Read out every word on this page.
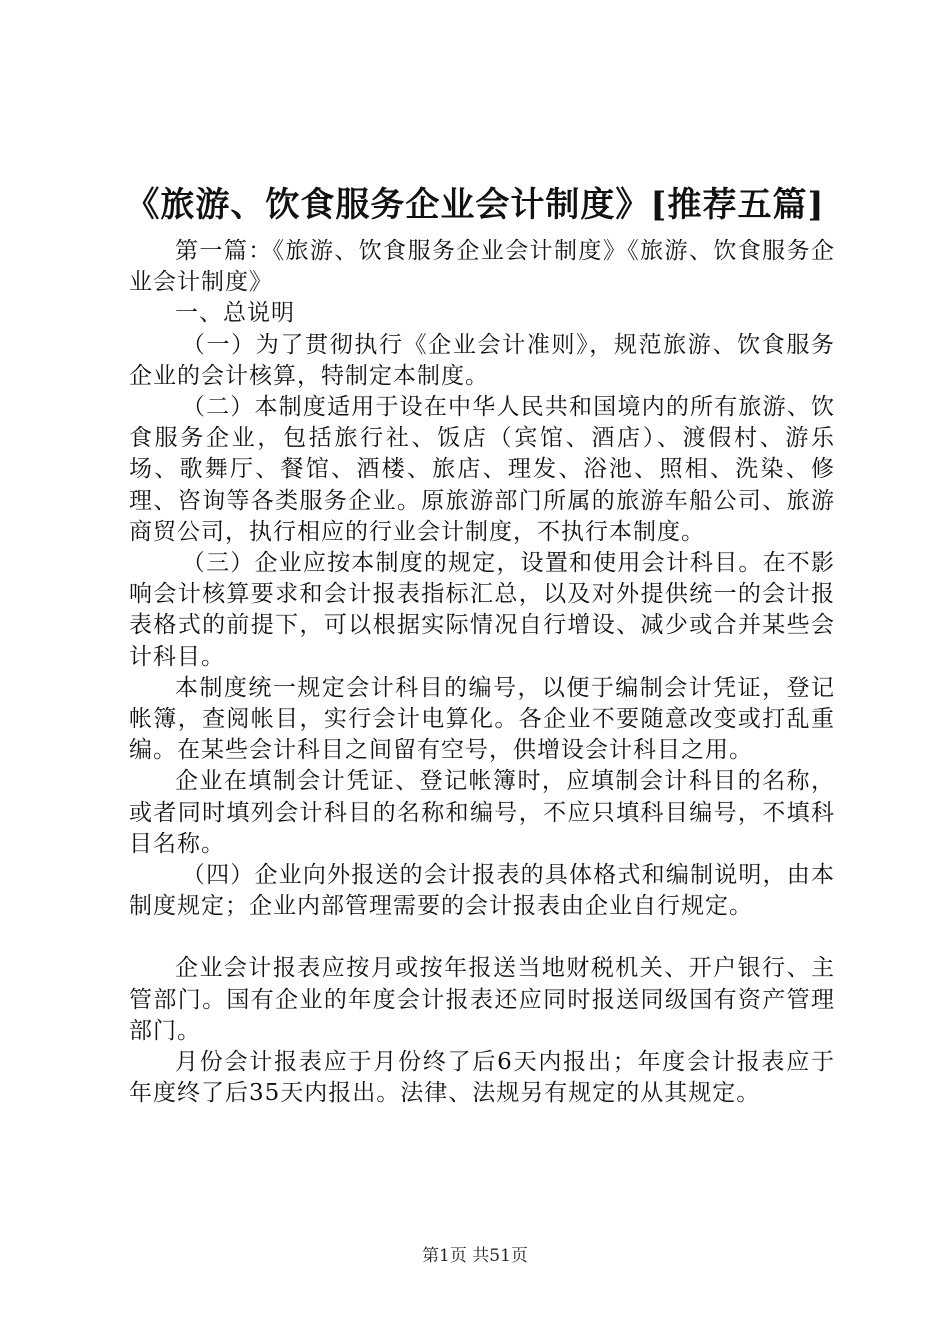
《旅游、饮食服务企业会计制度》[推荐五篇]

第一篇：《旅游、饮食服务企业会计制度》《旅游、饮食服务企业会计制度》

一、总说明

（一）为了贯彻执行《企业会计准则》，规范旅游、饮食服务企业的会计核算，特制定本制度。

（二）本制度适用于设在中华人民共和国境内的所有旅游、饮食服务企业，包括旅行社、饭店（宾馆、酒店）、渡假村、游乐场、歌舞厅、餐馆、酒楼、旅店、理发、浴池、照相、洗染、修理、咨询等各类服务企业。原旅游部门所属的旅游车船公司、旅游商贸公司，执行相应的行业会计制度，不执行本制度。

（三）企业应按本制度的规定，设置和使用会计科目。在不影响会计核算要求和会计报表指标汇总，以及对外提供统一的会计报表格式的前提下，可以根据实际情况自行增设、减少或合并某些会计科目。

本制度统一规定会计科目的编号，以便于编制会计凭证，登记帐簿，查阅帐目，实行会计电算化。各企业不要随意改变或打乱重编。在某些会计科目之间留有空号，供增设会计科目之用。

企业在填制会计凭证、登记帐簿时，应填制会计科目的名称，或者同时填列会计科目的名称和编号，不应只填科目编号，不填科目名称。

（四）企业向外报送的会计报表的具体格式和编制说明，由本制度规定；企业内部管理需要的会计报表由企业自行规定。

企业会计报表应按月或按年报送当地财税机关、开户银行、主管部门。国有企业的年度会计报表还应同时报送同级国有资产管理部门。

月份会计报表应于月份终了后6天内报出；年度会计报表应于年度终了后35天内报出。法律、法规另有规定的从其规定。

第1页 共51页
